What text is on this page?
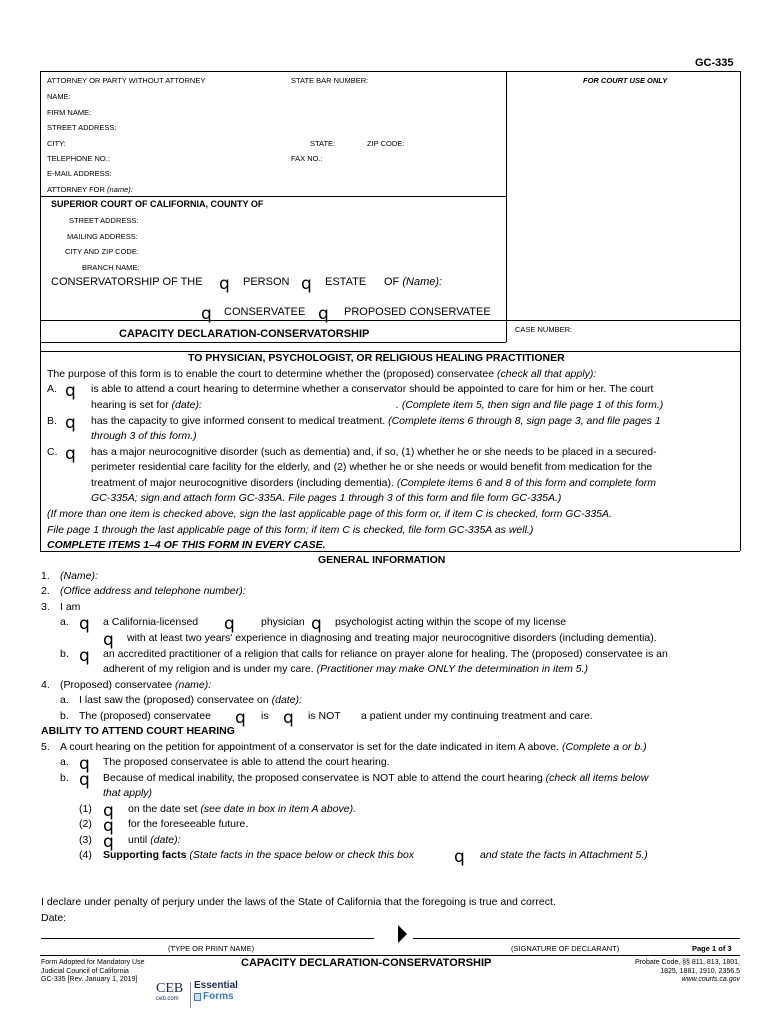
GC-335
ATTORNEY OR PARTY WITHOUT ATTORNEY	STATE BAR NUMBER:	FOR COURT USE ONLY
NAME:
FIRM NAME:
STREET ADDRESS:
CITY:	STATE:	ZIP CODE:
TELEPHONE NO.:	FAX NO.:
E-MAIL ADDRESS:
ATTORNEY FOR (name):
SUPERIOR COURT OF CALIFORNIA, COUNTY OF
STREET ADDRESS:
MAILING ADDRESS:
CITY AND ZIP CODE:
BRANCH NAME:
CONSERVATORSHIP OF THE q PERSON q ESTATE OF (Name):
q CONSERVATEE q PROPOSED CONSERVATEE
CAPACITY DECLARATION-CONSERVATORSHIP	CASE NUMBER:
TO PHYSICIAN, PSYCHOLOGIST, OR RELIGIOUS HEALING PRACTITIONER
The purpose of this form is to enable the court to determine whether the (proposed) conservatee (check all that apply):
A. q is able to attend a court hearing to determine whether a conservator should be appointed to care for him or her. The court
hearing is set for (date):	. (Complete item 5, then sign and file page 1 of this form.)
B. q has the capacity to give informed consent to medical treatment. (Complete items 6 through 8, sign page 3, and file pages 1
through 3 of this form.)
C. q has a major neurocognitive disorder (such as dementia) and, if so, (1) whether he or she needs to be placed in a secured-
perimeter residential care facility for the elderly, and (2) whether he or she needs or would benefit from medication for the
treatment of major neurocognitive disorders (including dementia). (Complete items 6 and 8 of this form and complete form
GC-335A; sign and attach form GC-335A. File pages 1 through 3 of this form and file form GC-335A.)
(If more than one item is checked above, sign the last applicable page of this form or, if item C is checked, form GC-335A.
File page 1 through the last applicable page of this form; if item C is checked, file form GC-335A as well.)
COMPLETE ITEMS 1–4 OF THIS FORM IN EVERY CASE.
GENERAL INFORMATION
1. (Name):
2. (Office address and telephone number):
3. I am
a. q a California-licensed q physician q psychologist acting within the scope of my license
q with at least two years' experience in diagnosing and treating major neurocognitive disorders (including dementia).
b. q an accredited practitioner of a religion that calls for reliance on prayer alone for healing. The (proposed) conservatee is an
adherent of my religion and is under my care. (Practitioner may make ONLY the determination in item 5.)
4. (Proposed) conservatee (name):
a. I last saw the (proposed) conservatee on (date):
b. The (proposed) conservatee q is q is NOT a patient under my continuing treatment and care.
ABILITY TO ATTEND COURT HEARING
5. A court hearing on the petition for appointment of a conservator is set for the date indicated in item A above. (Complete a or b.)
a. q The proposed conservatee is able to attend the court hearing.
b. q Because of medical inability, the proposed conservatee is NOT able to attend the court hearing (check all items below
that apply)
(1) q on the date set (see date in box in item A above).
(2) q for the foreseeable future.
(3) q until (date):
(4) Supporting facts (State facts in the space below or check this box q and state the facts in Attachment 5.)
I declare under penalty of perjury under the laws of the State of California that the foregoing is true and correct.
Date:
(TYPE OR PRINT NAME)	(SIGNATURE OF DECLARANT)	Page 1 of 3
Form Adopted for Mandatory Use
Judicial Council of California
GC-335 [Rev. January 1, 2019]
CAPACITY DECLARATION-CONSERVATORSHIP	Probate Code, §§ 811, 813, 1801,
1825, 1881, 1910, 2356.5
www.courts.ca.gov
CEB
ceb.com
Essential
Forms
